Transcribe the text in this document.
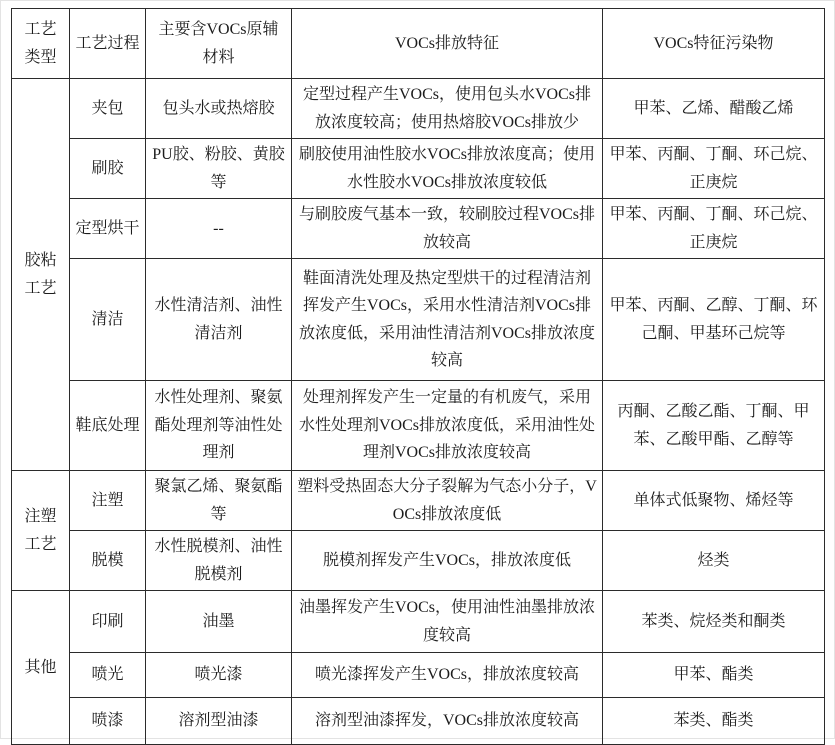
工艺类型	工艺过程	主要含VOCs原辅材料	VOCs排放特征	VOCs特征污染物
胶粘工艺	夹包	包头水或热熔胶	定型过程产生VOCs，使用包头水VOCs排放浓度较高；使用热熔胶VOCs排放少	甲苯、乙烯、醋酸乙烯
	刷胶	PU胶、粉胶、黄胶等	刷胶使用油性胶水VOCs排放浓度高；使用水性胶水VOCs排放浓度较低	甲苯、丙酮、丁酮、环己烷、正庚烷
	定型烘干	--	与刷胶废气基本一致，较刷胶过程VOCs排放较高	甲苯、丙酮、丁酮、环己烷、正庚烷
	清洁	水性清洁剂、油性清洁剂	鞋面清洗处理及热定型烘干的过程清洁剂挥发产生VOCs，采用水性清洁剂VOCs排放浓度低，采用油性清洁剂VOCs排放浓度较高	甲苯、丙酮、乙醇、丁酮、环己酮、甲基环己烷等
	鞋底处理	水性处理剂、聚氨酯处理剂等油性处理剂	处理剂挥发产生一定量的有机废气，采用水性处理剂VOCs排放浓度低，采用油性处理剂VOCs排放浓度较高	丙酮、乙酸乙酯、丁酮、甲苯、乙酸甲酯、乙醇等
注塑工艺	注塑	聚氯乙烯、聚氨酯等	塑料受热固态大分子裂解为气态小分子，VOCs排放浓度低	单体式低聚物、烯烃等
	脱模	水性脱模剂、油性脱模剂	脱模剂挥发产生VOCs，排放浓度低	烃类
其他	印刷	油墨	油墨挥发产生VOCs，使用油性油墨排放浓度较高	苯类、烷烃类和酮类
	喷光	喷光漆	喷光漆挥发产生VOCs，排放浓度较高	甲苯、酯类
	喷漆	溶剂型油漆	溶剂型油漆挥发，VOCs排放浓度较高	苯类、酯类
